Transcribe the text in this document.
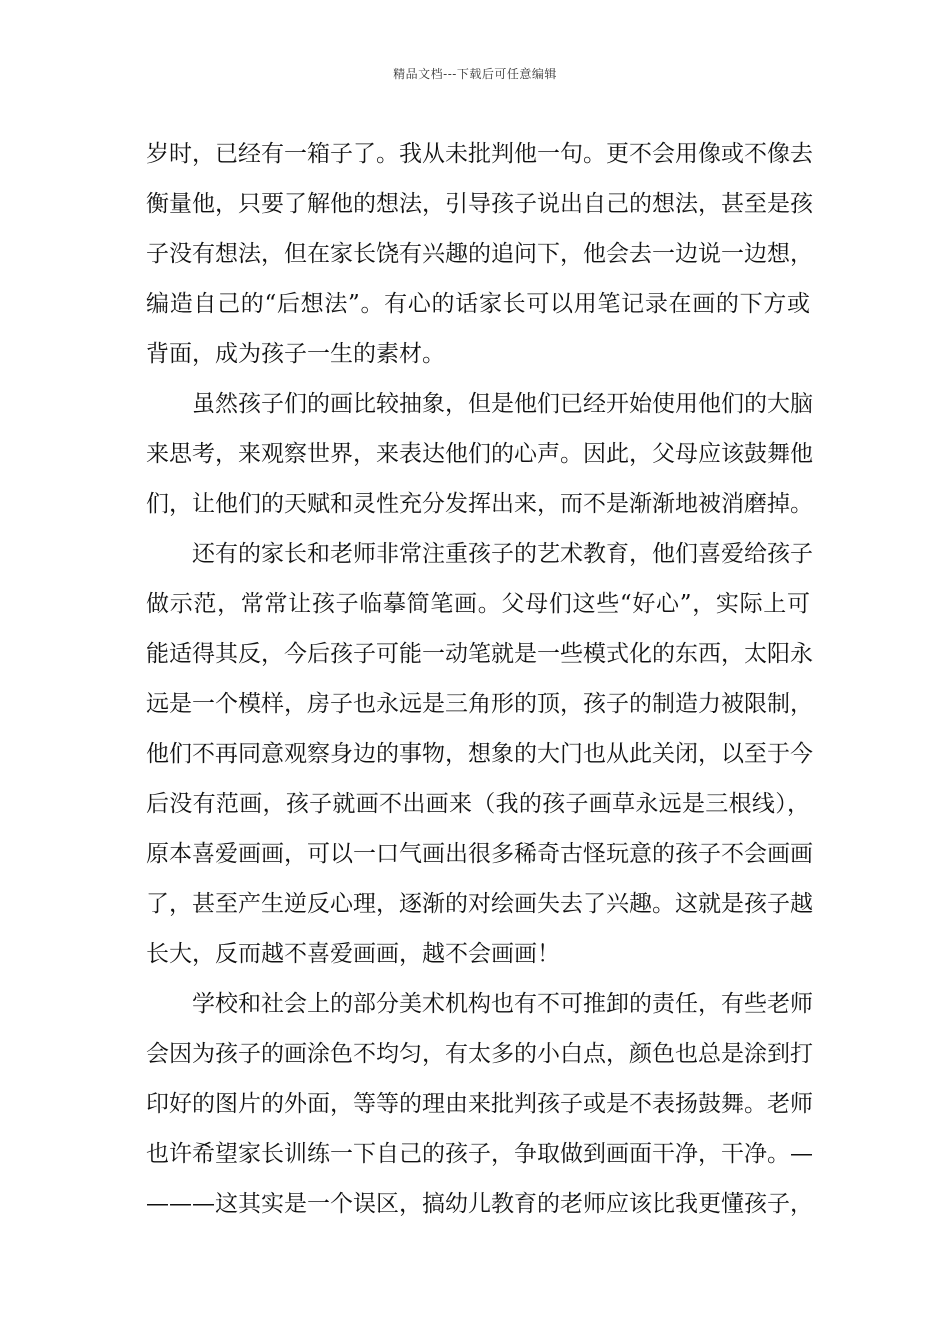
精品文档---下载后可任意编辑
岁时，已经有一箱子了。我从未批判他一句。更不会用像或不像去
衡量他，只要了解他的想法，引导孩子说出自己的想法，甚至是孩
子没有想法，但在家长饶有兴趣的追问下，他会去一边说一边想，
编造自己的“后想法”。有心的话家长可以用笔记录在画的下方或
背面，成为孩子一生的素材。
虽然孩子们的画比较抽象，但是他们已经开始使用他们的大脑
来思考，来观察世界，来表达他们的心声。因此，父母应该鼓舞他
们，让他们的天赋和灵性充分发挥出来，而不是渐渐地被消磨掉。
还有的家长和老师非常注重孩子的艺术教育，他们喜爱给孩子
做示范，常常让孩子临摹简笔画。父母们这些“好心”，实际上可
能适得其反，今后孩子可能一动笔就是一些模式化的东西，太阳永
远是一个模样，房子也永远是三角形的顶，孩子的制造力被限制，
他们不再同意观察身边的事物，想象的大门也从此关闭，以至于今
后没有范画，孩子就画不出画来（我的孩子画草永远是三根线），
原本喜爱画画，可以一口气画出很多稀奇古怪玩意的孩子不会画画
了，甚至产生逆反心理，逐渐的对绘画失去了兴趣。这就是孩子越
长大，反而越不喜爱画画，越不会画画！
学校和社会上的部分美术机构也有不可推卸的责任，有些老师
会因为孩子的画涂色不均匀，有太多的小白点，颜色也总是涂到打
印好的图片的外面，等等的理由来批判孩子或是不表扬鼓舞。老师
也许希望家长训练一下自己的孩子，争取做到画面干净，干净。—
———这其实是一个误区，搞幼儿教育的老师应该比我更懂孩子，
